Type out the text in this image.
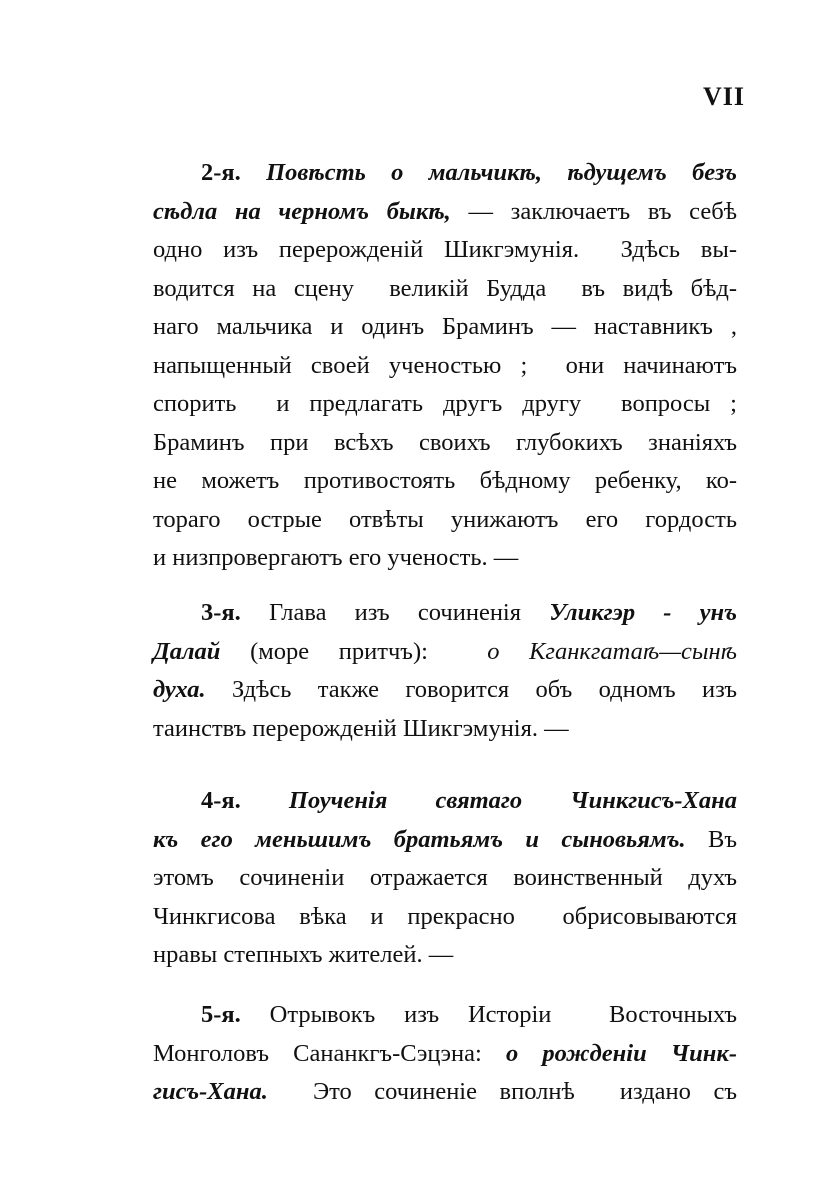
VII
2-я. Повѣсть о мальчикѣ, ѣдущемъ безъ
сѣдла на черномъ быкѣ, — заключаетъ въ себѣ
одно изъ перерожденій Шикгэмунія.  Здѣсь вы-
водится на сцену  великій Будда  въ видѣ бѣд-
наго мальчика и одинъ Браминъ — наставникъ ,
напыщенный своей ученостью ;  они начинаютъ
спорить  и предлагать другъ другу  вопросы ;
Браминъ при всѣхъ своихъ глубокихъ знаніяхъ
не можетъ противостоять бѣдному ребенку, ко-
тораго острые отвѣты унижаютъ его гордость
и низпровергаютъ его ученость. —
3-я. Глава изъ сочиненія Уликгэр - унъ
Далай (море притчъ):  о Кганкгатаѣ—сынѣ
духа. Здѣсь также говорится объ одномъ изъ
таинствъ перерожденій Шикгэмунія. —
4-я. Поученія святаго Чинкгисъ-Хана
къ его меньшимъ братьямъ и сыновьямъ. Въ
этомъ сочиненіи отражается воинственный духъ
Чинкгисова вѣка и прекрасно  обрисовываются
нравы степныхъ жителей. —
5-я. Отрывокъ изъ Исторіи  Восточныхъ
Монголовъ Сананкгъ-Сэцэна: о рожденіи Чинк-
гисъ-Хана.  Это сочиненіе вполнѣ  издано съ
